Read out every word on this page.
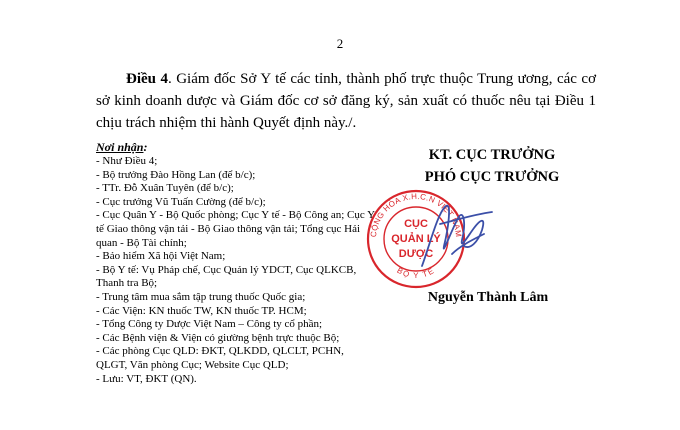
2
Điều 4. Giám đốc Sở Y tế các tỉnh, thành phố trực thuộc Trung ương, các cơ sở kinh doanh dược và Giám đốc cơ sở đăng ký, sản xuất có thuốc nêu tại Điều 1 chịu trách nhiệm thi hành Quyết định này./.
Nơi nhận:

- Như Điều 4;

- Bộ trưởng Đào Hồng Lan (để b/c);

- TTr. Đỗ Xuân Tuyên (để b/c);

- Cục trưởng Vũ Tuấn Cường (để b/c);

- Cục Quân Y - Bộ Quốc phòng; Cục Y tế - Bộ Công an; Cục Y tế Giao thông vận tải - Bộ Giao thông vận tải; Tổng cục Hải quan - Bộ Tài chính;

- Bảo hiểm Xã hội Việt Nam;

- Bộ Y tế: Vụ Pháp chế, Cục Quản lý YDCT, Cục QLKCB, Thanh tra Bộ;

- Trung tâm mua sắm tập trung thuốc Quốc gia;

- Các Viện: KN thuốc TW, KN thuốc TP. HCM;

- Tổng Công ty Dược Việt Nam – Công ty cổ phần;

- Các Bệnh viện & Viện có giường bệnh trực thuộc Bộ;

- Các phòng Cục QLD: ĐKT, QLKDD, QLCLT, PCHN, QLGT, Văn phòng Cục; Website Cục QLD;

- Lưu: VT, ĐKT (QN).

KT. CỤC TRƯỞNG
PHÓ CỤC TRƯỞNG
CỘNG HÒA X.H.C.N VIỆT NAM
BỘ Y TẾ
CỤC
QUẢN LÝ
DƯỢC
Nguyễn Thành Lâm
